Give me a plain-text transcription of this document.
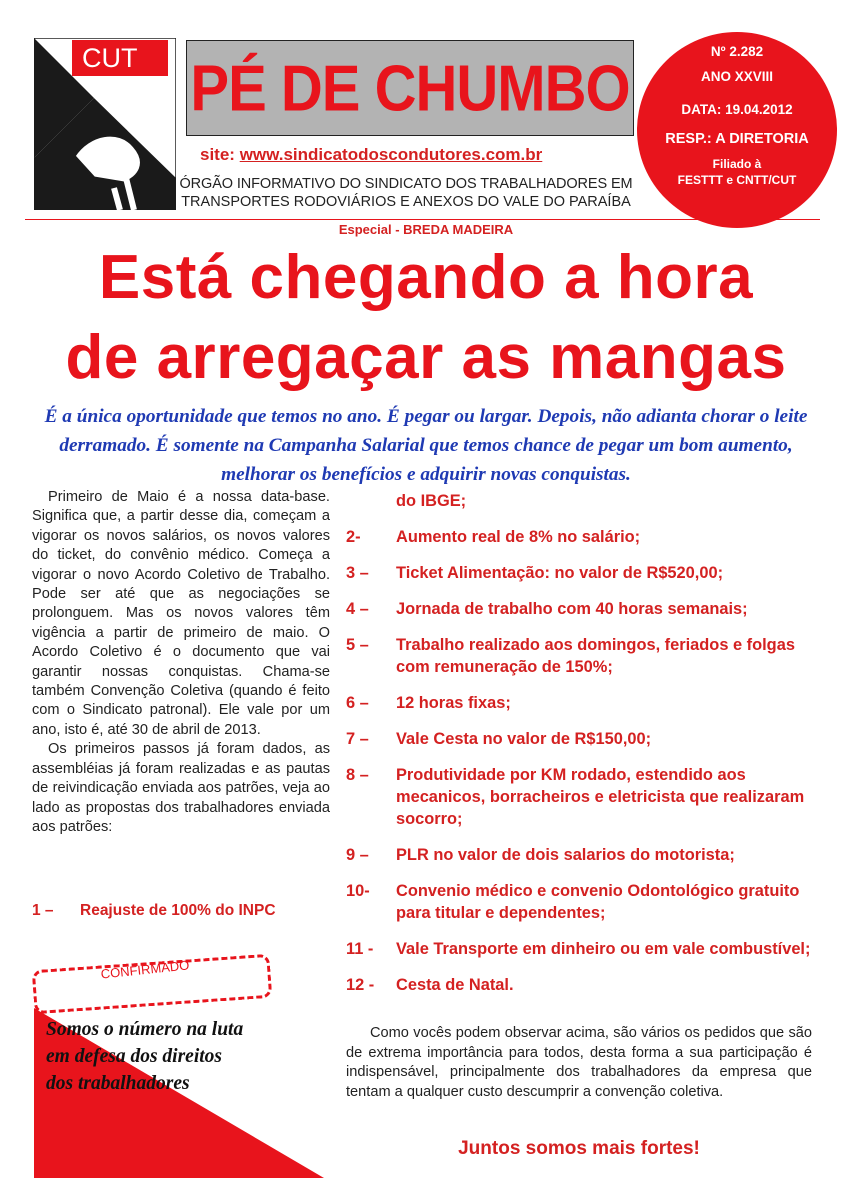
CUT PÉ DE CHUMBO
Nº 2.282
ANO XXVIII
DATA: 19.04.2012
RESP.: A DIRETORIA
Filiado à
FESTTT e CNTT/CUT
site: www.sindicatodoscondutores.com.br
ÓRGÃO INFORMATIVO DO SINDICATO DOS TRABALHADORES EM
TRANSPORTES RODOVIÁRIOS E ANEXOS DO VALE DO PARAÍBA
Especial - BREDA MADEIRA
Está chegando a hora
de arregaçar as mangas
É a única oportunidade que temos no ano. É pegar ou largar. Depois, não adianta chorar o leite derramado. É somente na Campanha Salarial que temos chance de pegar um bom aumento, melhorar os benefícios e adquirir novas conquistas.

Primeiro de Maio é a nossa data-base. Significa que, a partir desse dia, começam a vigorar os novos salários, os novos valores do ticket, do convênio médico. Começa a vigorar o novo Acordo Coletivo de Trabalho. Pode ser até que as negociações se prolonguem. Mas os novos valores têm vigência a partir de primeiro de maio. O Acordo Coletivo é o documento que vai garantir nossas conquistas. Chama-se também Convenção Coletiva (quando é feito com o Sindicato patronal). Ele vale por um ano, isto é, até 30 de abril de 2013.

Os primeiros passos já foram dados, as assembléias já foram realizadas e as pautas de reivindicação enviada aos patrões, veja ao lado as propostas dos trabalhadores enviada aos patrões:

1 – Reajuste de 100% do INPC
CONFIRMADO
Somos o número na luta em defesa dos direitos dos trabalhadores
do IBGE;
2-	Aumento real de 8% no salário;
3 –	Ticket Alimentação: no valor de R$520,00;
4 –	Jornada de trabalho com 40 horas semanais;
5 –	Trabalho realizado aos domingos, feriados e folgas com remuneração de 150%;
6 –	12 horas fixas;
7 –	Vale Cesta no valor de R$150,00;
8 –	Produtividade por KM rodado, estendido aos mecanicos, borracheiros e eletricista que realizaram socorro;
9 –	PLR no valor de dois salarios do motorista;
10-	Convenio médico e convenio Odontológico gratuito para titular e dependentes;
11 -	Vale Transporte em dinheiro ou em vale combustível;
12 -	Cesta de Natal.
Como vocês podem observar acima, são vários os pedidos que são de extrema importância para todos, desta forma a sua participação é indispensável, principalmente dos trabalhadores da empresa que tentam a qualquer custo descumprir a convenção coletiva.
Juntos somos mais fortes!
